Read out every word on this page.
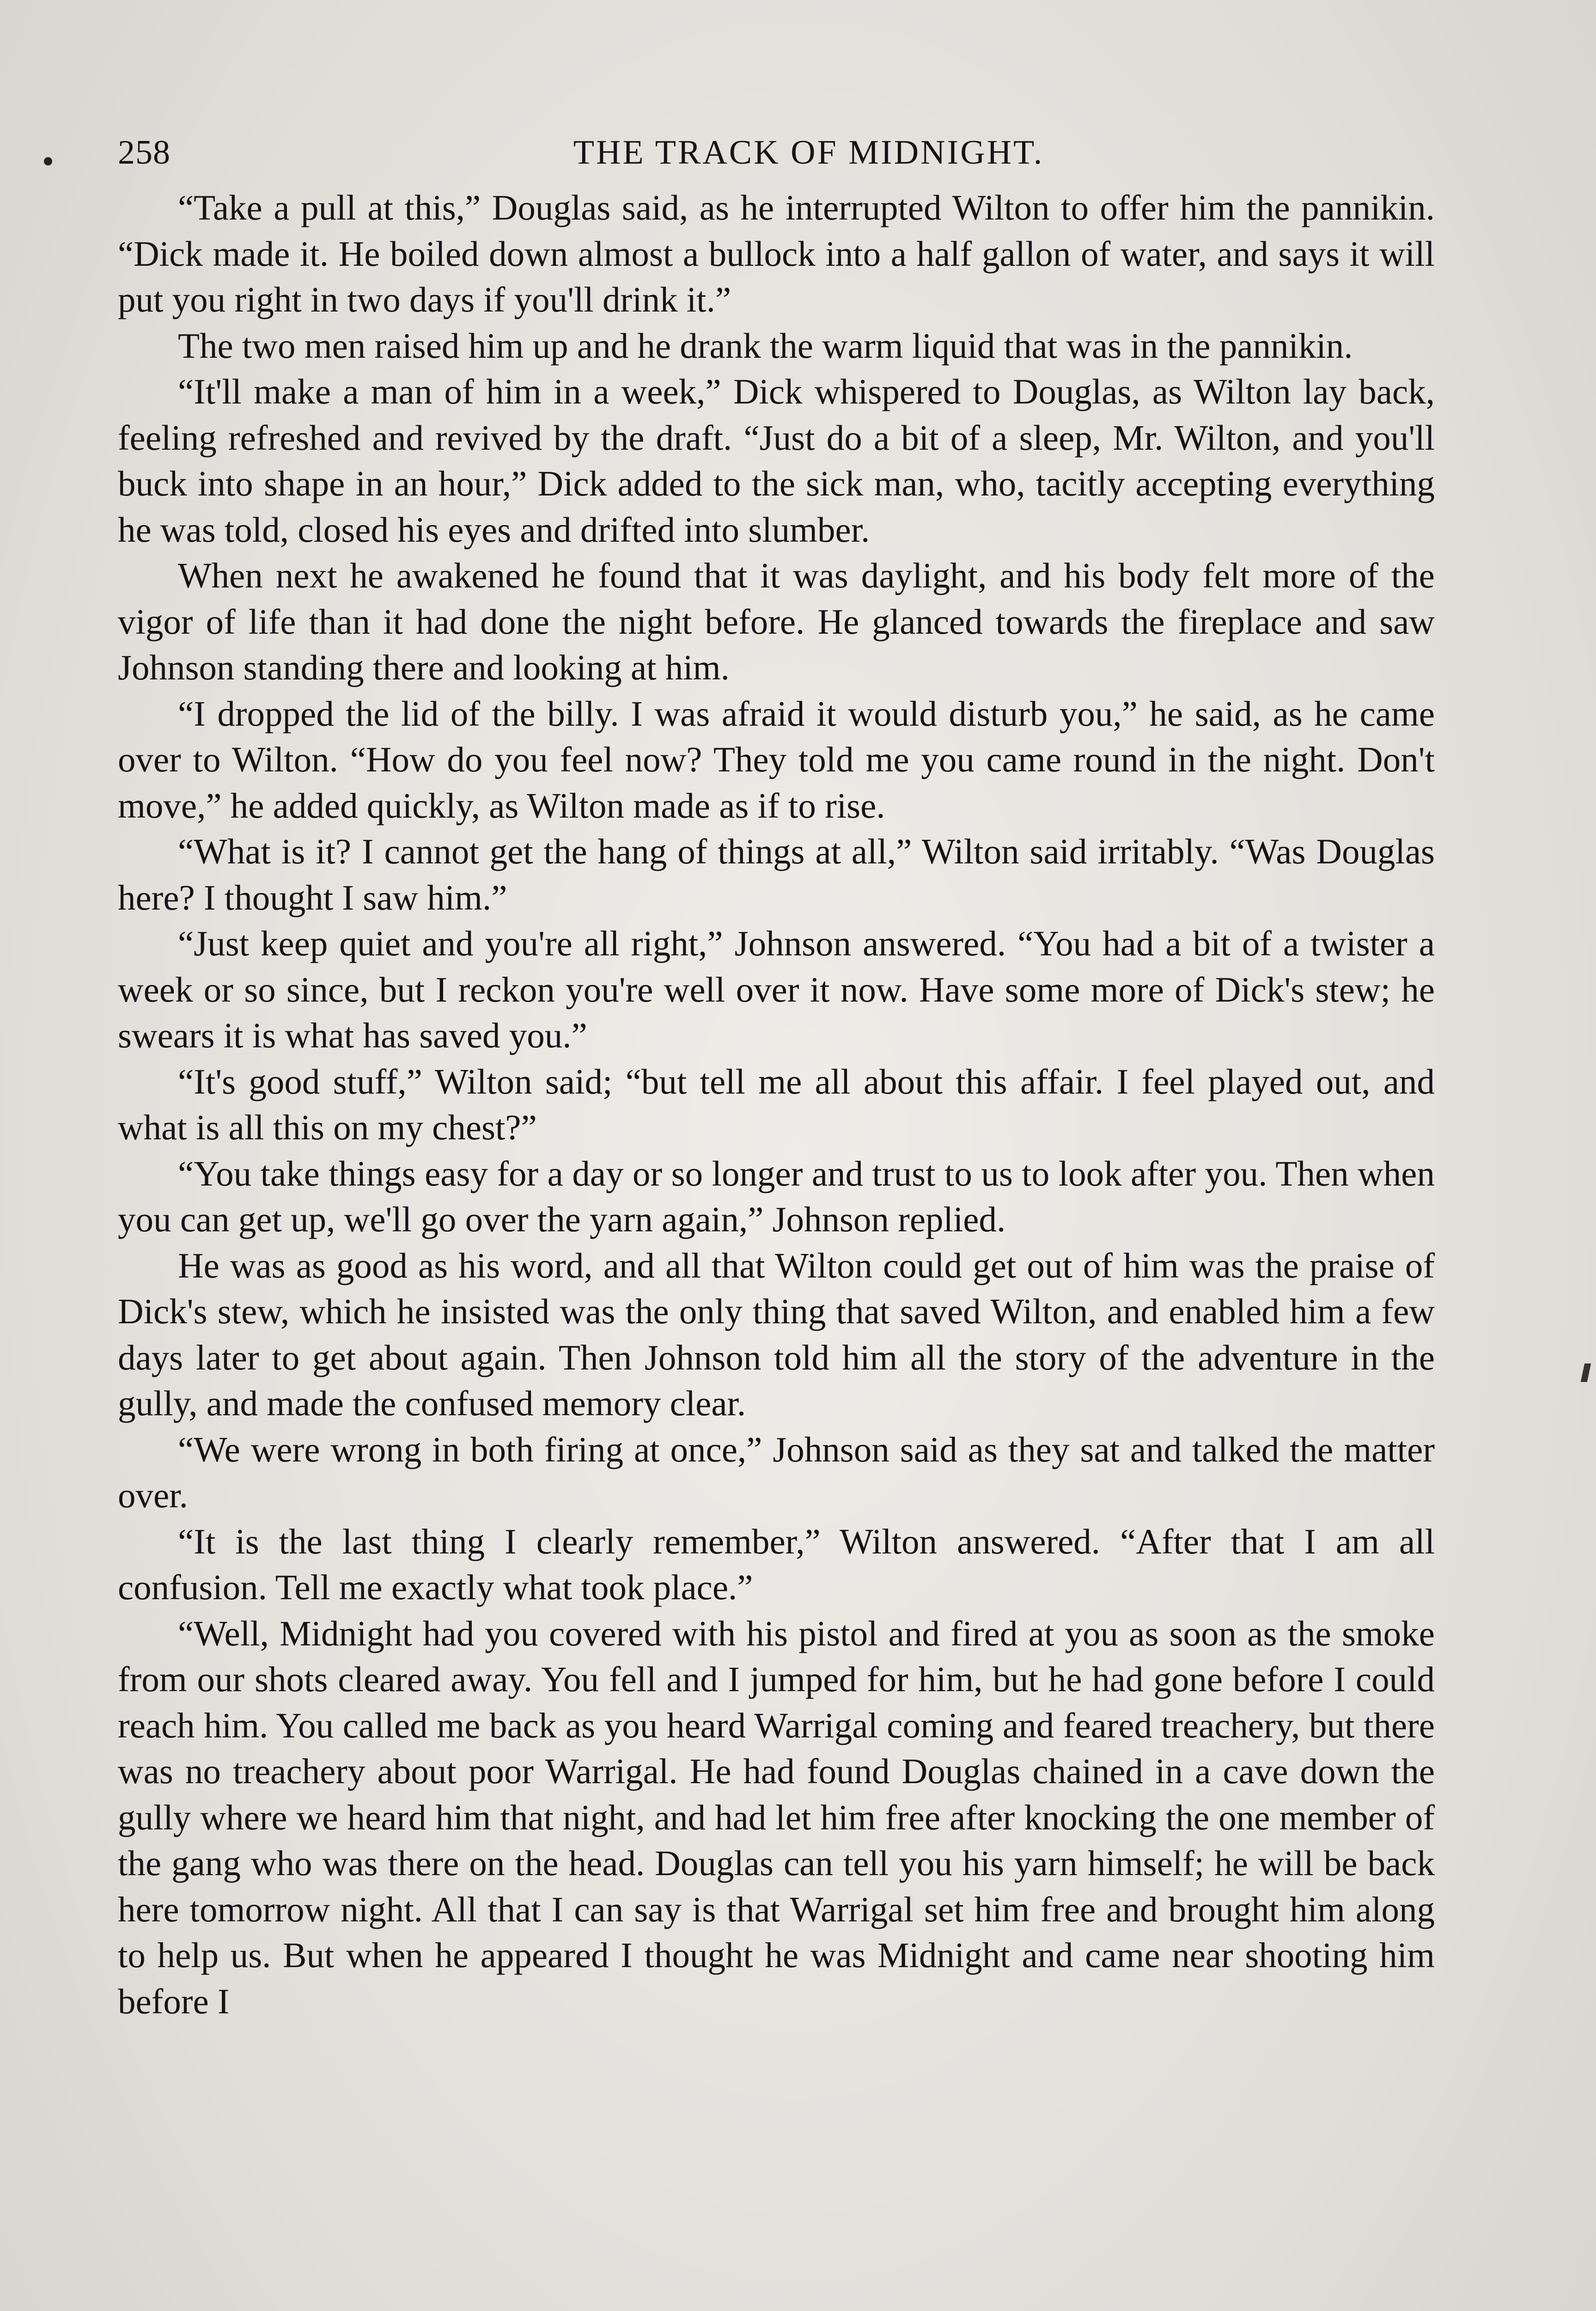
258	THE TRACK OF MIDNIGHT.

“Take a pull at this,” Douglas said, as he interrupted Wilton to offer him the pannikin. “Dick made it. He boiled down almost a bullock into a half gallon of water, and says it will put you right in two days if you'll drink it.”

The two men raised him up and he drank the warm liquid that was in the pannikin.

“It'll make a man of him in a week,” Dick whispered to Douglas, as Wilton lay back, feeling refreshed and revived by the draft. “Just do a bit of a sleep, Mr. Wilton, and you'll buck into shape in an hour,” Dick added to the sick man, who, tacitly accepting everything he was told, closed his eyes and drifted into slumber.

When next he awakened he found that it was daylight, and his body felt more of the vigor of life than it had done the night before. He glanced towards the fireplace and saw Johnson standing there and looking at him.

“I dropped the lid of the billy. I was afraid it would disturb you,” he said, as he came over to Wilton. “How do you feel now? They told me you came round in the night. Don't move,” he added quickly, as Wilton made as if to rise.

“What is it? I cannot get the hang of things at all,” Wilton said irritably. “Was Douglas here? I thought I saw him.”

“Just keep quiet and you're all right,” Johnson answered. “You had a bit of a twister a week or so since, but I reckon you're well over it now. Have some more of Dick's stew; he swears it is what has saved you.”

“It's good stuff,” Wilton said; “but tell me all about this affair. I feel played out, and what is all this on my chest?”

“You take things easy for a day or so longer and trust to us to look after you. Then when you can get up, we'll go over the yarn again,” Johnson replied.

He was as good as his word, and all that Wilton could get out of him was the praise of Dick's stew, which he insisted was the only thing that saved Wilton, and enabled him a few days later to get about again. Then Johnson told him all the story of the adventure in the gully, and made the confused memory clear.

“We were wrong in both firing at once,” Johnson said as they sat and talked the matter over.

“It is the last thing I clearly remember,” Wilton answered. “After that I am all confusion. Tell me exactly what took place.”

“Well, Midnight had you covered with his pistol and fired at you as soon as the smoke from our shots cleared away. You fell and I jumped for him, but he had gone before I could reach him. You called me back as you heard Warrigal coming and feared treachery, but there was no treachery about poor Warrigal. He had found Douglas chained in a cave down the gully where we heard him that night, and had let him free after knocking the one member of the gang who was there on the head. Douglas can tell you his yarn himself; he will be back here tomorrow night. All that I can say is that Warrigal set him free and brought him along to help us. But when he appeared I thought he was Midnight and came near shooting him before I
